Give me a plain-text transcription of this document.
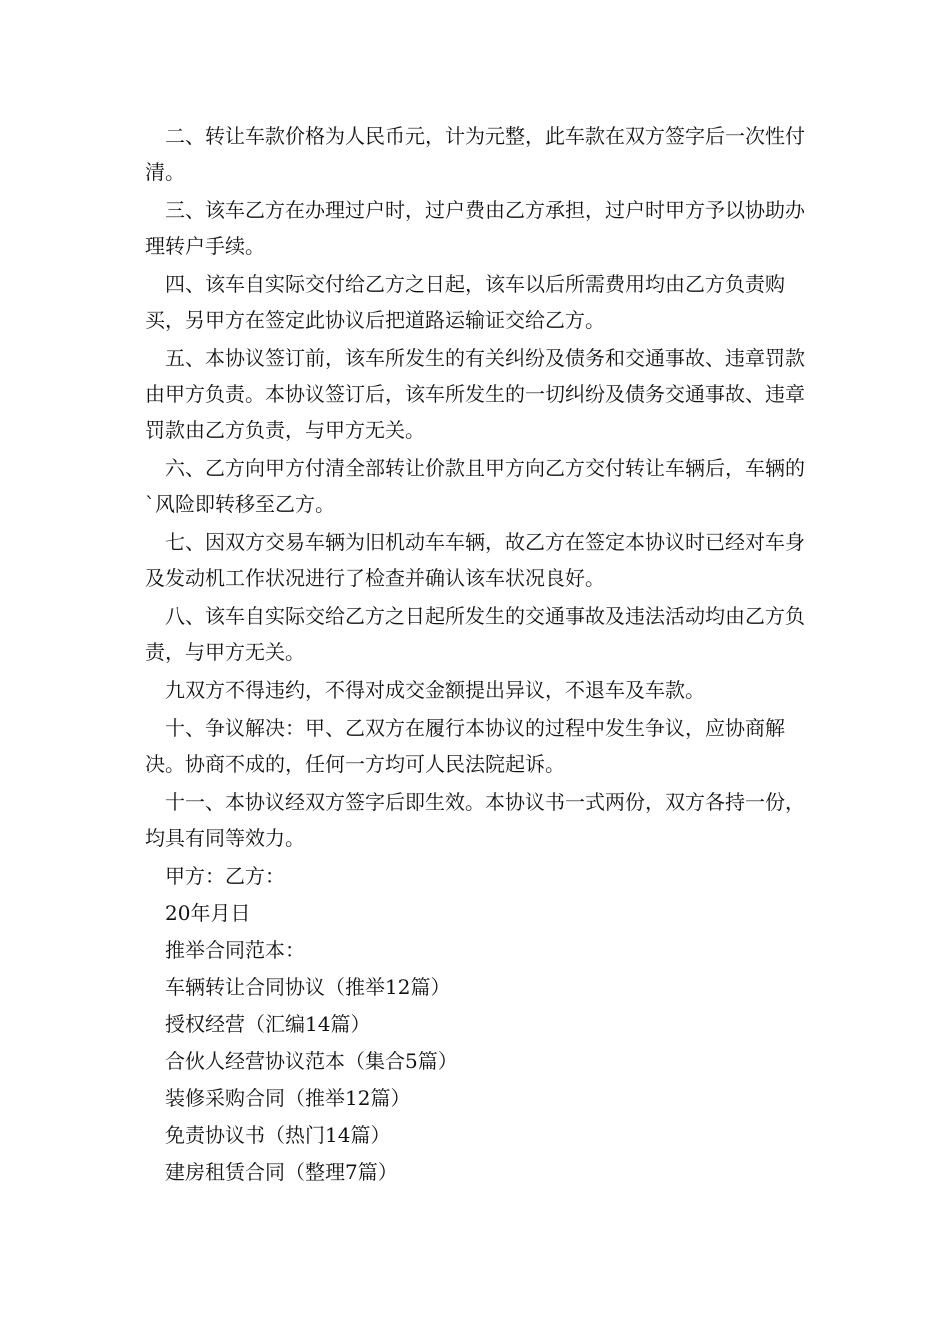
二、转让车款价格为人民币元，计为元整，此车款在双方签字后一次性付清。

三、该车乙方在办理过户时，过户费由乙方承担，过户时甲方予以协助办理转户手续。

四、该车自实际交付给乙方之日起，该车以后所需费用均由乙方负责购买，另甲方在签定此协议后把道路运输证交给乙方。

五、本协议签订前，该车所发生的有关纠纷及债务和交通事故、违章罚款由甲方负责。本协议签订后，该车所发生的一切纠纷及债务交通事故、违章罚款由乙方负责，与甲方无关。

六、乙方向甲方付清全部转让价款且甲方向乙方交付转让车辆后，车辆的`风险即转移至乙方。

七、因双方交易车辆为旧机动车车辆，故乙方在签定本协议时已经对车身及发动机工作状况进行了检查并确认该车状况良好。

八、该车自实际交给乙方之日起所发生的交通事故及违法活动均由乙方负责，与甲方无关。

九双方不得违约，不得对成交金额提出异议，不退车及车款。

十、争议解决：甲、乙双方在履行本协议的过程中发生争议，应协商解决。协商不成的，任何一方均可人民法院起诉。

十一、本协议经双方签字后即生效。本协议书一式两份，双方各持一份，均具有同等效力。

甲方：乙方：
20年月日
推举合同范本：
车辆转让合同协议（推举12篇）
授权经营（汇编14篇）
合伙人经营协议范本（集合5篇）
装修采购合同（推举12篇）
免责协议书（热门14篇）
建房租赁合同（整理7篇）
